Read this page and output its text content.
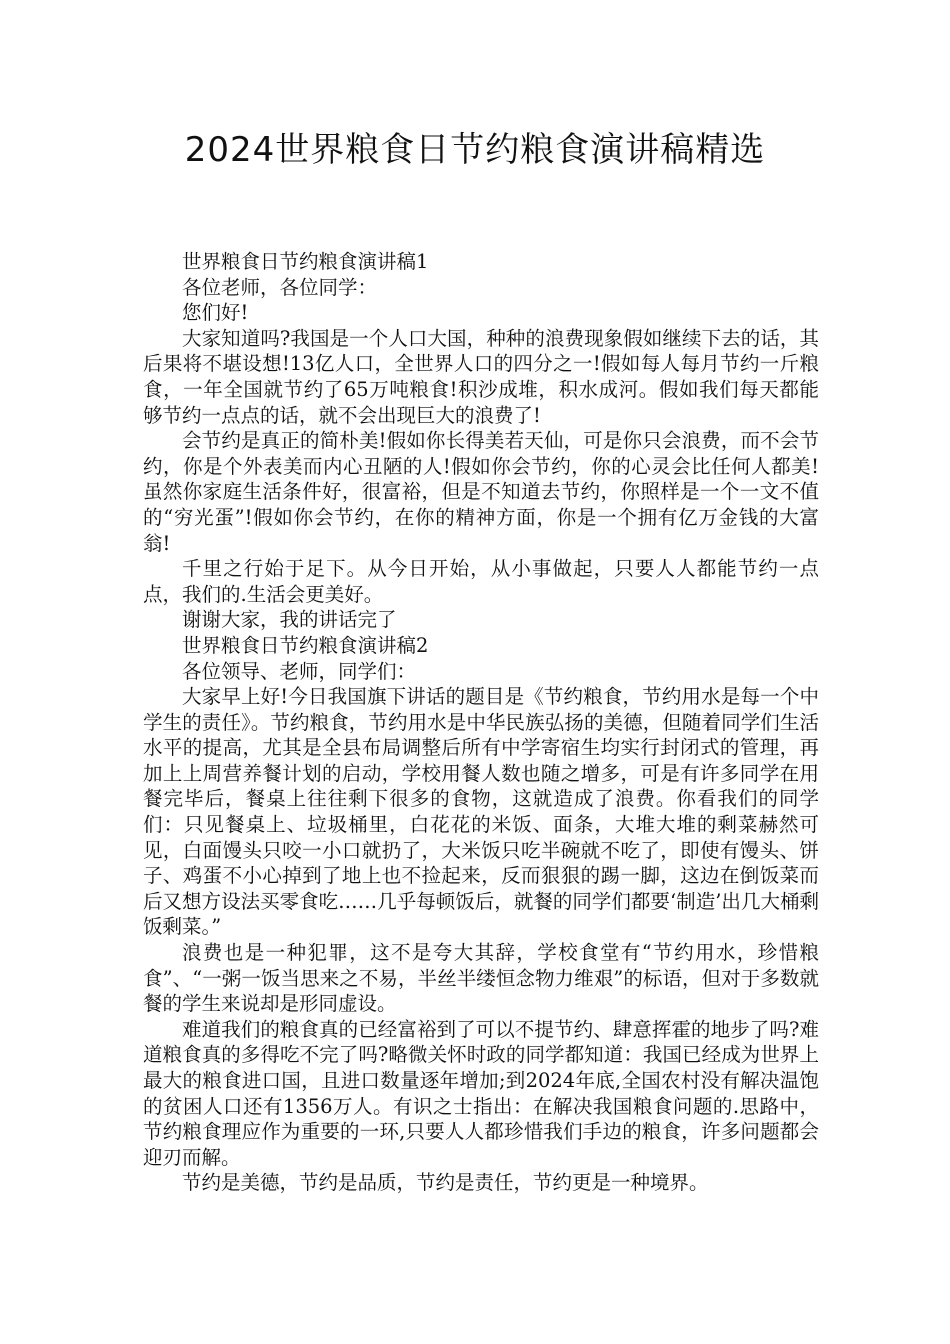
2024世界粮食日节约粮食演讲稿精选

世界粮食日节约粮食演讲稿1

各位老师，各位同学：

您们好!

大家知道吗?我国是一个人口大国，种种的浪费现象假如继续下去的话，其后果将不堪设想!13亿人口，全世界人口的四分之一!假如每人每月节约一斤粮食，一年全国就节约了65万吨粮食!积沙成堆，积水成河。假如我们每天都能够节约一点点的话，就不会出现巨大的浪费了!

会节约是真正的简朴美!假如你长得美若天仙，可是你只会浪费，而不会节约，你是个外表美而内心丑陋的人!假如你会节约，你的心灵会比任何人都美!虽然你家庭生活条件好，很富裕，但是不知道去节约，你照样是一个一文不值的“穷光蛋”!假如你会节约，在你的精神方面，你是一个拥有亿万金钱的大富翁!

千里之行始于足下。从今日开始，从小事做起，只要人人都能节约一点点，我们的.生活会更美好。

谢谢大家，我的讲话完了

世界粮食日节约粮食演讲稿2

各位领导、老师，同学们：

大家早上好!今日我国旗下讲话的题目是《节约粮食，节约用水是每一个中学生的责任》。节约粮食，节约用水是中华民族弘扬的美德，但随着同学们生活水平的提高，尤其是全县布局调整后所有中学寄宿生均实行封闭式的管理，再加上上周营养餐计划的启动，学校用餐人数也随之增多，可是有许多同学在用餐完毕后，餐桌上往往剩下很多的食物，这就造成了浪费。你看我们的同学们：只见餐桌上、垃圾桶里，白花花的米饭、面条，大堆大堆的剩菜赫然可见，白面馒头只咬一小口就扔了，大米饭只吃半碗就不吃了，即使有馒头、饼子、鸡蛋不小心掉到了地上也不捡起来，反而狠狠的踢一脚，这边在倒饭菜而后又想方设法买零食吃……几乎每顿饭后，就餐的同学们都要‘制造’出几大桶剩饭剩菜。”

浪费也是一种犯罪，这不是夸大其辞，学校食堂有“节约用水，珍惜粮食”、“一粥一饭当思来之不易，半丝半缕恒念物力维艰”的标语，但对于多数就餐的学生来说却是形同虚设。

难道我们的粮食真的已经富裕到了可以不提节约、肆意挥霍的地步了吗?难道粮食真的多得吃不完了吗?略微关怀时政的同学都知道：我国已经成为世界上最大的粮食进口国，且进口数量逐年增加;到2024年底,全国农村没有解决温饱的贫困人口还有1356万人。有识之士指出：在解决我国粮食问题的.思路中，节约粮食理应作为重要的一环,只要人人都珍惜我们手边的粮食，许多问题都会迎刃而解。

节约是美德，节约是品质，节约是责任，节约更是一种境界。
